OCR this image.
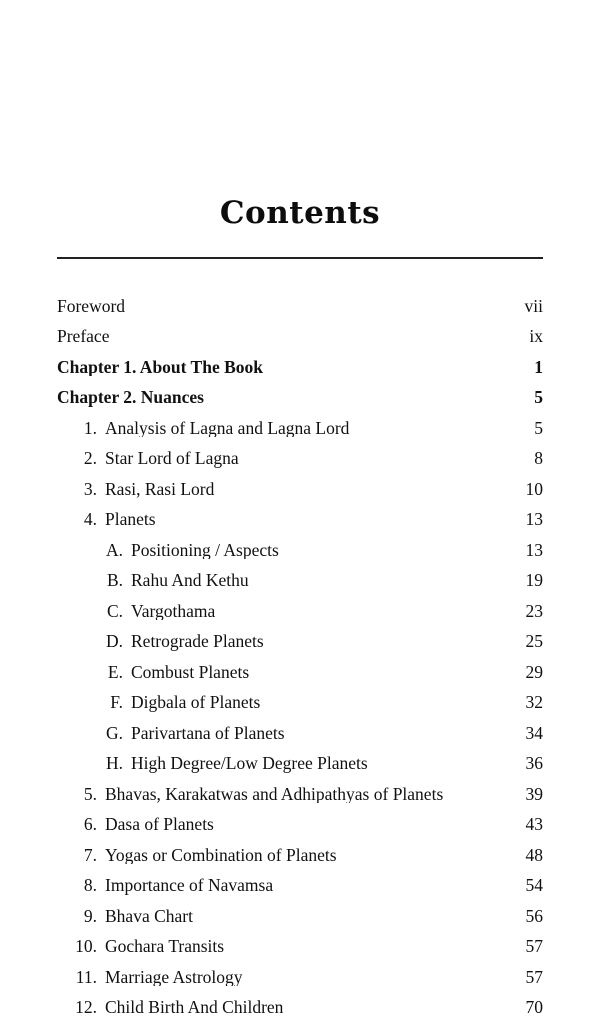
Contents
Foreword	vii
Preface	ix
Chapter 1. About The Book	1
Chapter 2. Nuances	5
1. Analysis of Lagna and Lagna Lord	5
2. Star Lord of Lagna	8
3. Rasi, Rasi Lord	10
4. Planets	13
A. Positioning / Aspects	13
B. Rahu And Kethu	19
C. Vargothama	23
D. Retrograde Planets	25
E. Combust Planets	29
F. Digbala of Planets	32
G. Parivartana of Planets	34
H. High Degree/Low Degree Planets	36
5. Bhavas, Karakatwas and Adhipathyas of Planets	39
6. Dasa of Planets	43
7. Yogas or Combination of Planets	48
8. Importance of Navamsa	54
9. Bhava Chart	56
10. Gochara Transits	57
11. Marriage Astrology	57
12. Child Birth And Children	70
